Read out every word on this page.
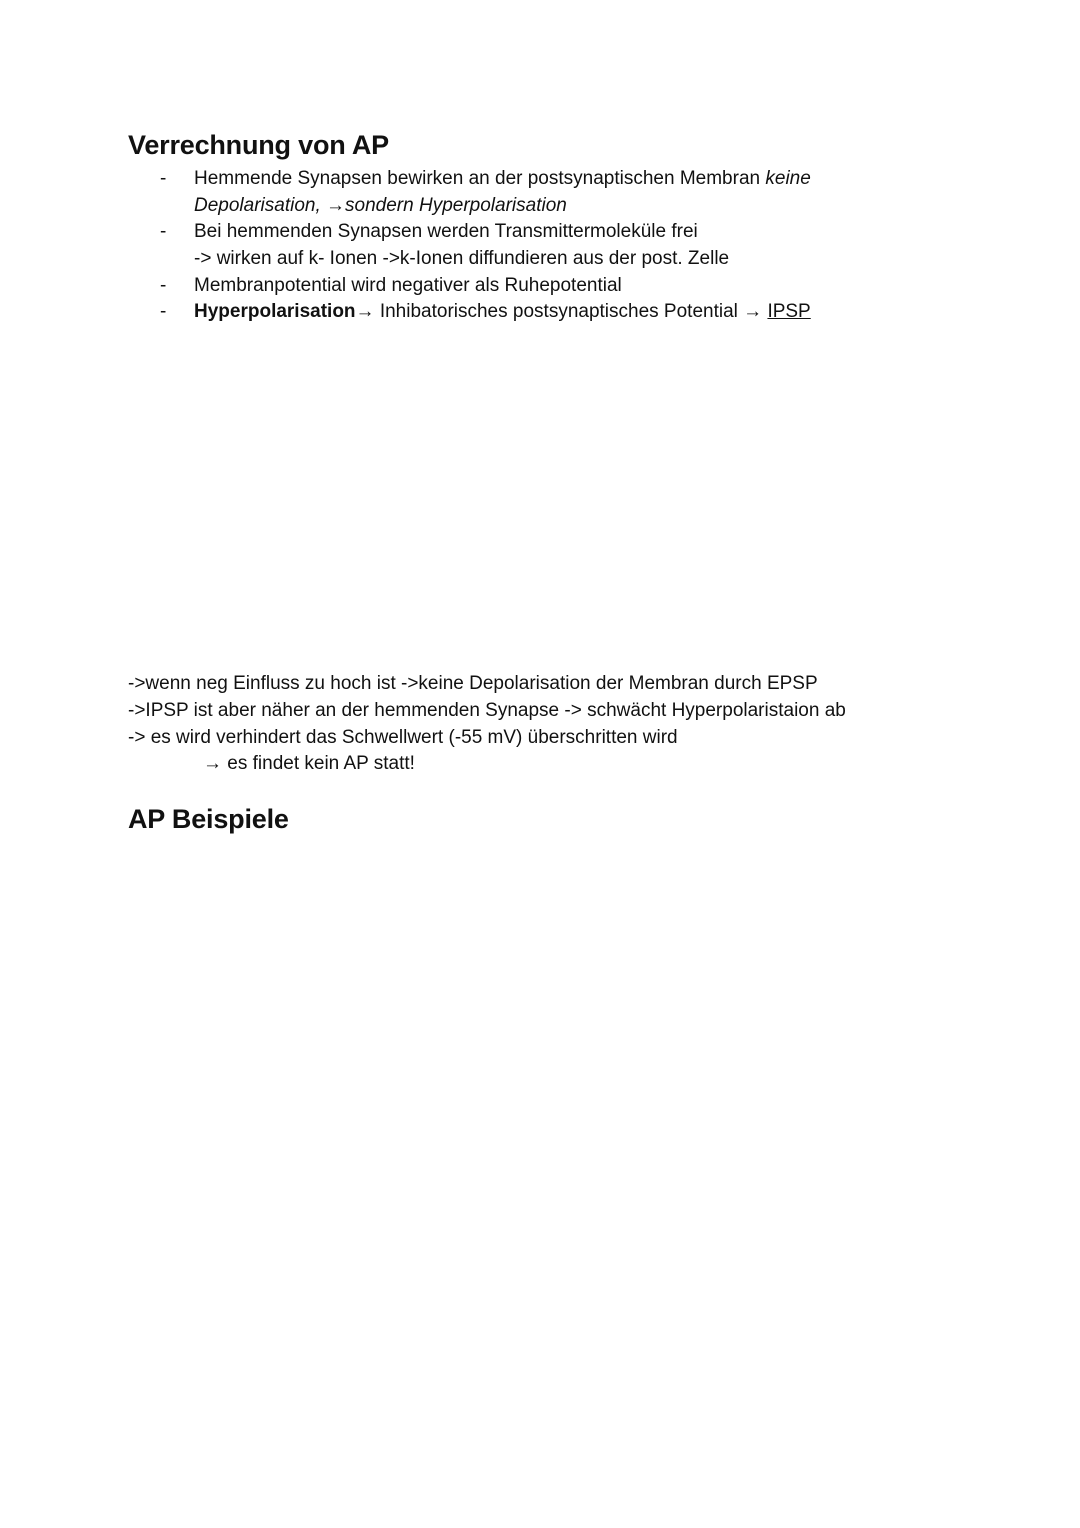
Verrechnung von AP
- Hemmende Synapsen bewirken an der postsynaptischen Membran keine
Depolarisation, →sondern Hyperpolarisation
- Bei hemmenden Synapsen werden Transmittermoleküle frei
-> wirken auf k- Ionen ->k-Ionen diffundieren aus der post. Zelle
- Membranpotential wird negativer als Ruhepotential
- Hyperpolarisation→ Inhibatorisches postsynaptisches Potential → IPSP
->wenn neg Einfluss zu hoch ist ->keine Depolarisation der Membran durch EPSP
->IPSP ist aber näher an der hemmenden Synapse -> schwächt Hyperpolaristaion ab
-> es wird verhindert das Schwellwert (-55 mV) überschritten wird
→ es findet kein AP statt!
AP Beispiele
